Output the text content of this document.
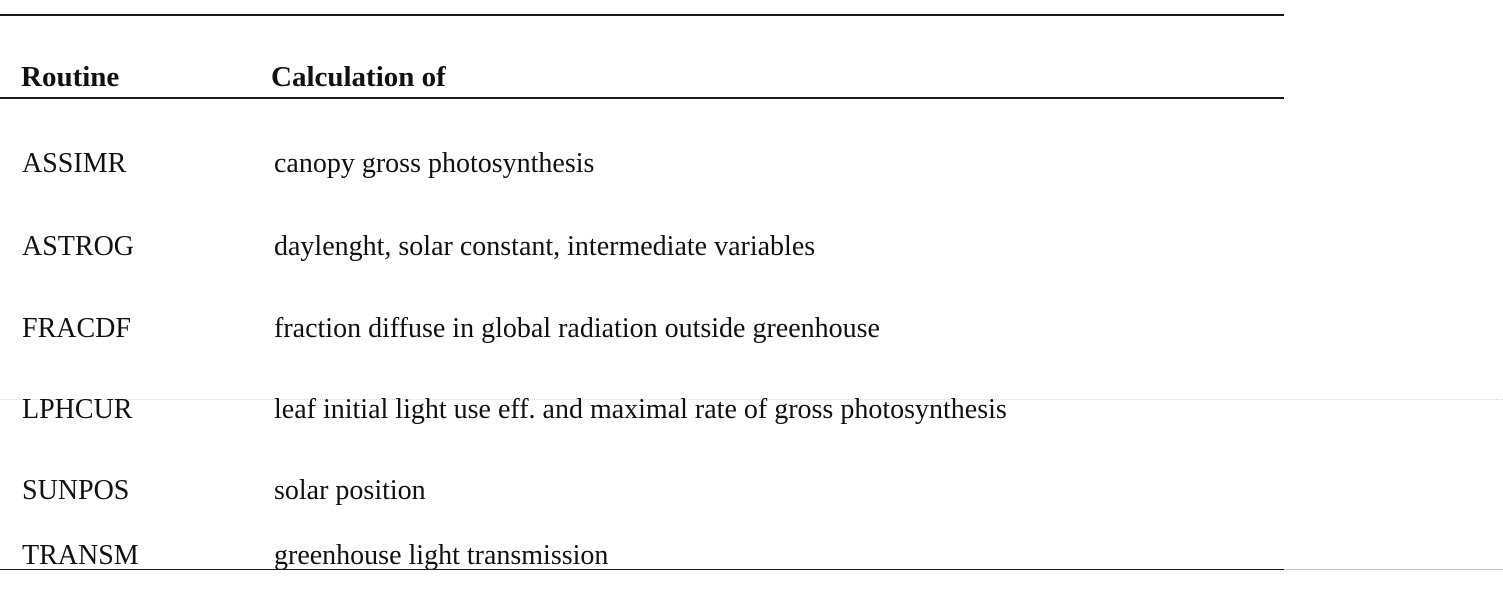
Routine	Calculation of
ASSIMR	canopy gross photosynthesis
ASTROG	daylenght, solar constant, intermediate variables
FRACDF	fraction diffuse in global radiation outside greenhouse
LPHCUR	leaf initial light use eff. and maximal rate of gross photosynthesis
SUNPOS	solar position
TRANSM	greenhouse light transmission
